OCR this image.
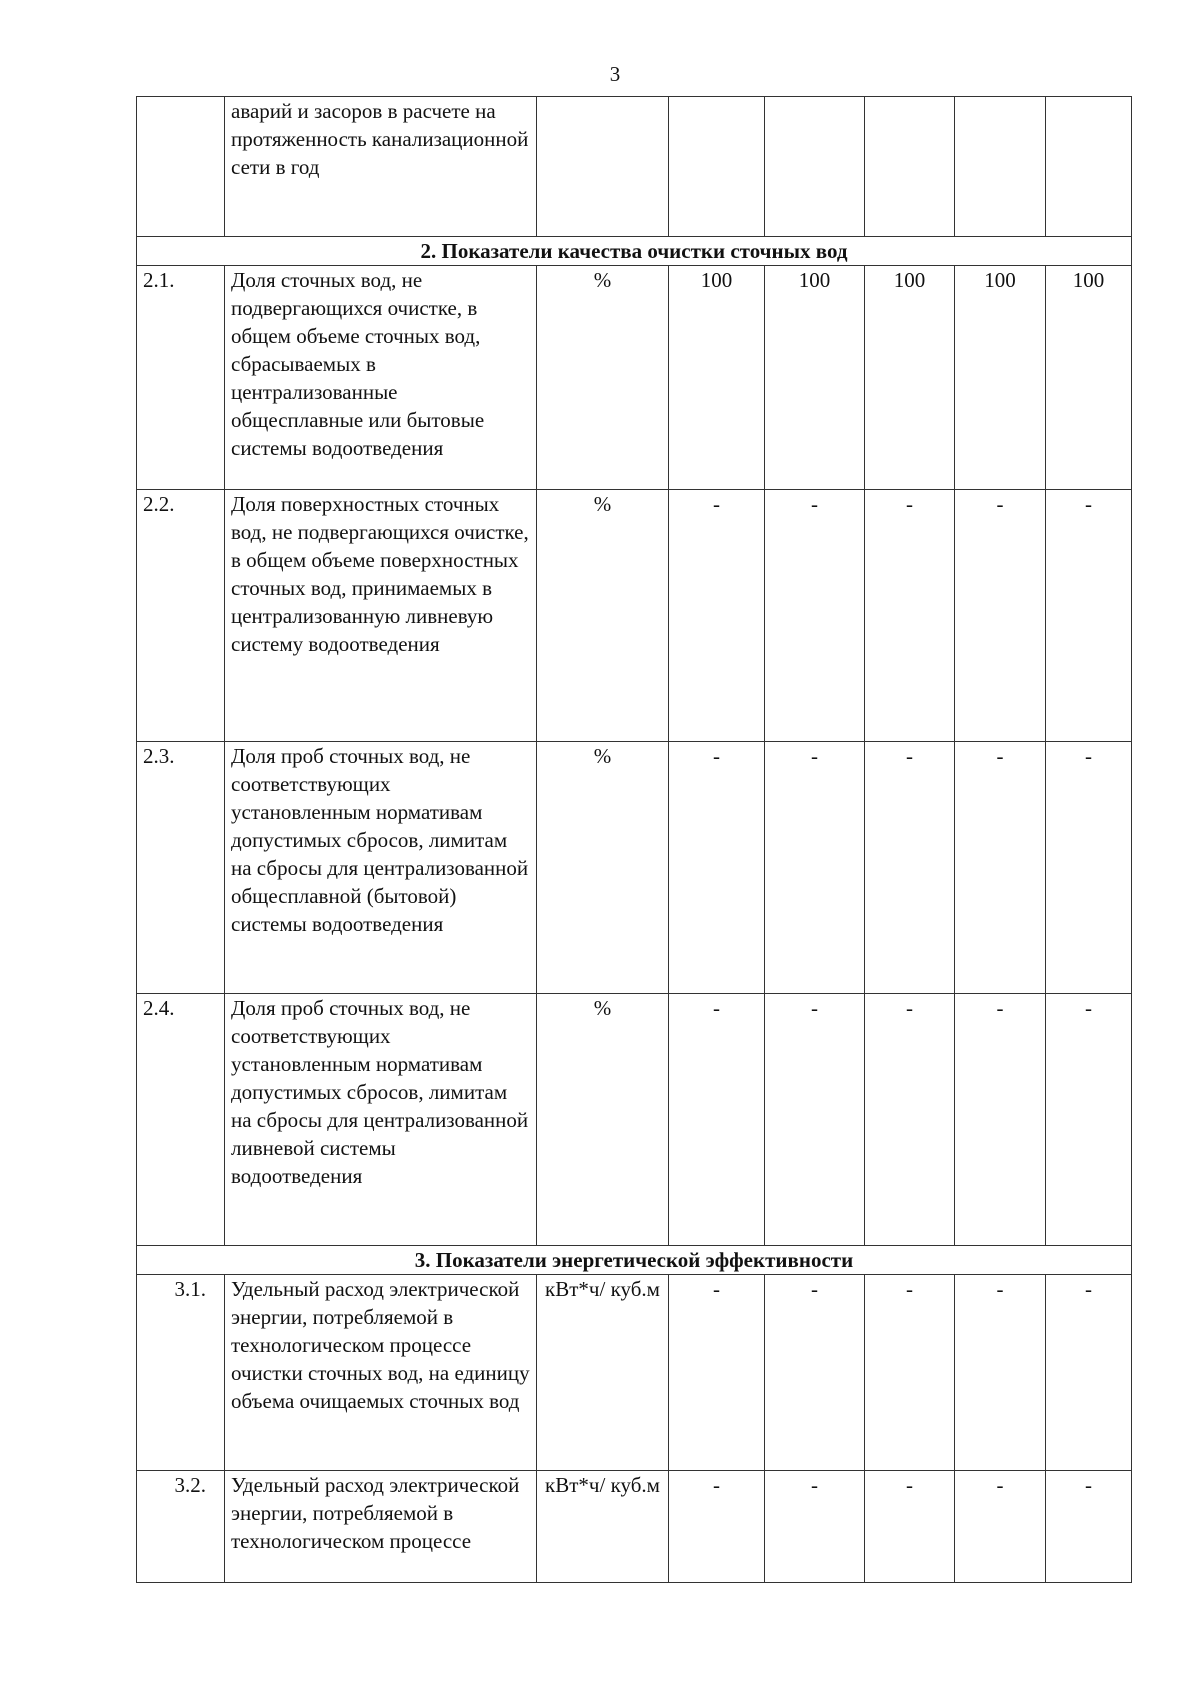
3
	аварий и засоров в расчете на протяженность канализационной сети в год						
2. Показатели качества очистки сточных вод							
2.1.	Доля сточных вод, не подвергающихся очистке, в общем объеме сточных вод, сбрасываемых в централизованные общесплавные или бытовые системы водоотведения	%	100	100	100	100	100
2.2.	Доля поверхностных сточных вод, не подвергающихся очистке, в общем объеме поверхностных сточных вод, принимаемых в централизованную ливневую систему водоотведения	%	-	-	-	-	-
2.3.	Доля проб сточных вод, не соответствующих установленным нормативам допустимых сбросов, лимитам на сбросы для централизованной общесплавной (бытовой) системы водоотведения	%	-	-	-	-	-
2.4.	Доля проб сточных вод, не соответствующих установленным нормативам допустимых сбросов, лимитам на сбросы для централизованной ливневой системы водоотведения	%	-	-	-	-	-
3. Показатели энергетической эффективности							
3.1.	Удельный расход электрической энергии, потребляемой в технологическом процессе очистки сточных вод, на единицу объема очищаемых сточных вод	кВт*ч/ куб.м	-	-	-	-	-
3.2.	Удельный расход электрической энергии, потребляемой в технологическом процессе	кВт*ч/ куб.м	-	-	-	-	-
